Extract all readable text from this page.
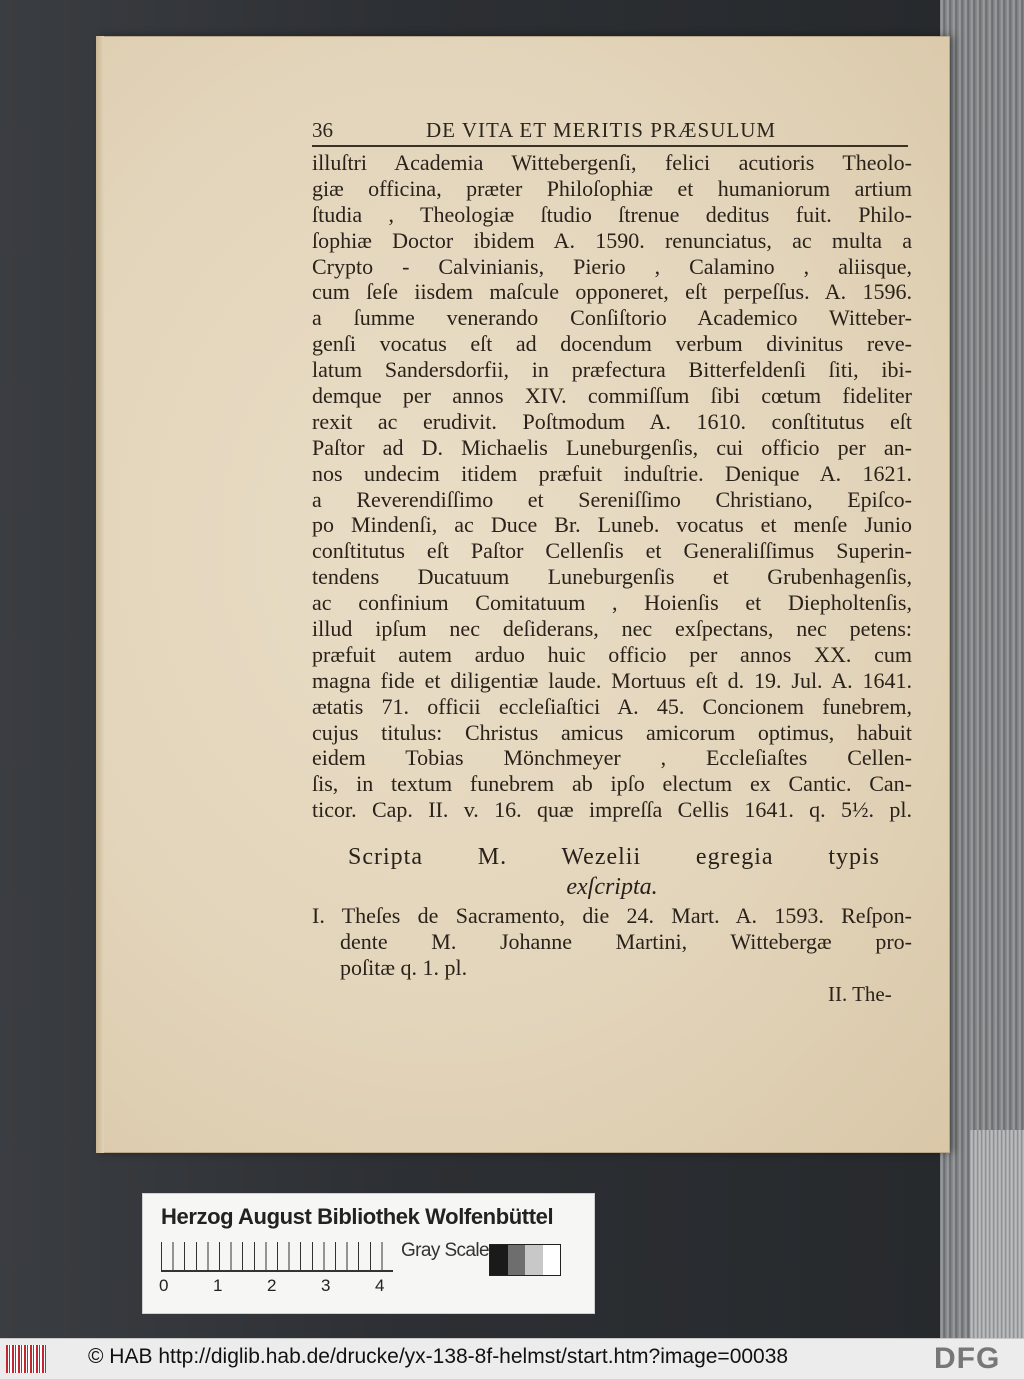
36	DE VITA ET MERITIS PRÆSULUM
illuſtri Academia Wittebergenſi, felici acutioris Theolo-
giæ officina, præter Philoſophiæ et humaniorum artium
ſtudia , Theologiæ ſtudio ſtrenue deditus fuit. Philo-
ſophiæ Doctor ibidem A. 1590. renunciatus, ac multa a
Crypto - Calvinianis, Pierio , Calamino , aliisque,
cum ſeſe iisdem maſcule opponeret, eſt perpeſſus. A. 1596.
a ſumme venerando Conſiſtorio Academico Witteber-
genſi vocatus eſt ad docendum verbum divinitus reve-
latum Sandersdorfii, in præfectura Bitterfeldenſi ſiti, ibi-
demque per annos XIV. commiſſum ſibi cœtum fideliter
rexit ac erudivit. Poſtmodum A. 1610. conſtitutus eſt
Paſtor ad D. Michaelis Luneburgenſis, cui officio per an-
nos undecim itidem præfuit induſtrie. Denique A. 1621.
a Reverendiſſimo et Sereniſſimo Christiano, Epiſco-
po Mindenſi, ac Duce Br. Luneb. vocatus et menſe Junio
conſtitutus eſt Paſtor Cellenſis et Generaliſſimus Superin-
tendens Ducatuum Luneburgenſis et Grubenhagenſis,
ac confinium Comitatuum , Hoienſis et Diepholtenſis,
illud ipſum nec deſiderans, nec exſpectans, nec petens:
præfuit autem arduo huic officio per annos XX. cum
magna fide et diligentiæ laude. Mortuus eſt d. 19. Jul. A. 1641.
ætatis 71. officii eccleſiaſtici A. 45. Concionem funebrem,
cujus titulus: Christus amicus amicorum optimus, habuit
eidem Tobias Mönchmeyer , Eccleſiaſtes Cellen-
ſis, in textum funebrem ab ipſo electum ex Cantic. Can-
ticor. Cap. II. v. 16. quæ impreſſa Cellis 1641. q. 5½. pl.
Scripta M. Wezelii egregia typis
exſcripta.
I. Theſes de Sacramento, die 24. Mart. A. 1593. Reſpon-
dente M. Johanne Martini, Wittebergæ pro-
poſitæ q. 1. pl.
II. The-
Herzog August Bibliothek Wolfenbüttel
0	1	2	3	4
Gray Scale
© HAB http://diglib.hab.de/drucke/yx-138-8f-helmst/start.htm?image=00038	DFG
